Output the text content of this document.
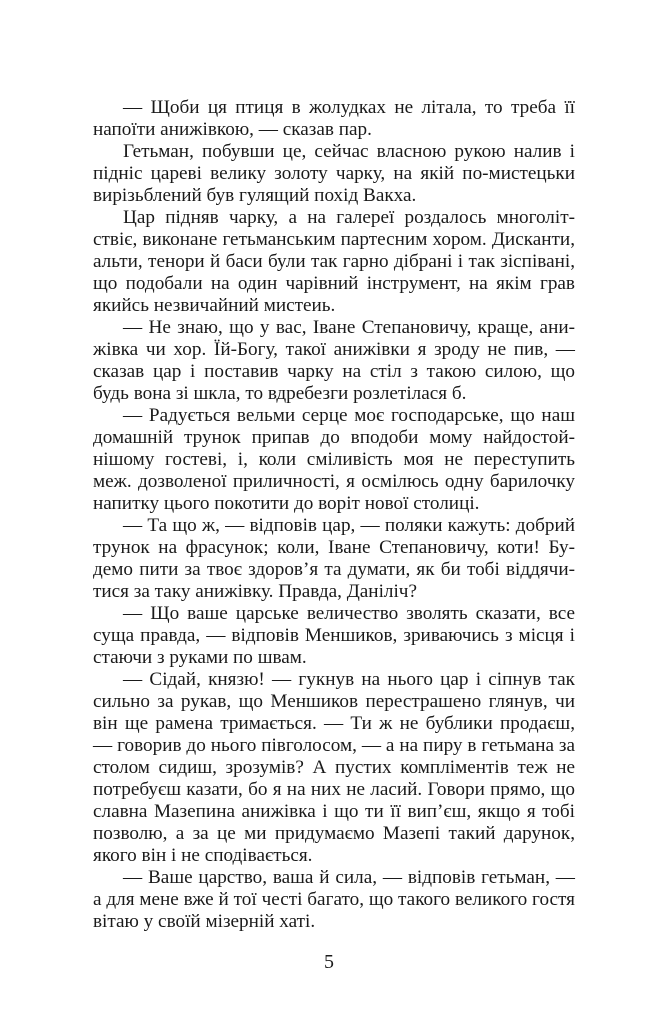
— Щоби ця птиця в жолудках не літала, то треба її напоїти анижівкою, — сказав пар.

Гетьман, побувши це, сейчас власною рукою налив і підніс цареві велику золоту чарку, на якій по-мистецьки вирізьблений був гулящий похід Вакха.

Цар підняв чарку, а на галереї роздалось многолітствіє, виконане гетьманським партесним хором. Дисканти, альти, тенори й баси були так гарно дібрані і так зіспівані, що подобали на один чарівний інструмент, на якім грав якийсь незвичайний мистеиь.

— Не знаю, що у вас, Іване Степановичу, краще, анижівка чи хор. Їй-Богу, такої анижівки я зроду не пив, — сказав цар і поставив чарку на стіл з такою силою, що будь вона зі шкла, то вдребезги розлетілася б.

— Радується вельми серце моє господарське, що наш домашній трунок припав до вподоби мому найдостойнішому гостеві, і, коли сміливість моя не переступить меж. дозволеної приличності, я осмілюсь одну барилочку напитку цього покотити до воріт нової столиці.

— Та що ж, — відповів цар, — поляки кажуть: добрий трунок на фрасунок; коли, Іване Степановичу, коти! Будемо пити за твоє здоров’я та думати, як би тобі віддячитися за таку анижівку. Правда, Даніліч?

— Що ваше царське величество зволять сказати, все суща правда, — відповів Меншиков, зриваючись з місця і стаючи з руками по швам.

— Сідай, князю! — гукнув на нього цар і сіпнув так сильно за рукав, що Меншиков перестрашено глянув, чи він ще рамена тримається. — Ти ж не бублики продаєш, — говорив до нього півголосом, — а на пиру в гетьмана за столом сидиш, зрозумів? А пустих компліментів теж не потребуєш казати, бо я на них не ласий. Говори прямо, що славна Мазепина анижівка і що ти її вип’єш, якщо я тобі позволю, а за це ми придумаємо Мазепі такий дарунок, якого він і не сподівається.

— Ваше царство, ваша й сила, — відповів гетьман, — а для мене вже й тої честі багато, що такого великого гостя вітаю у своїй мізерній хаті.

5
